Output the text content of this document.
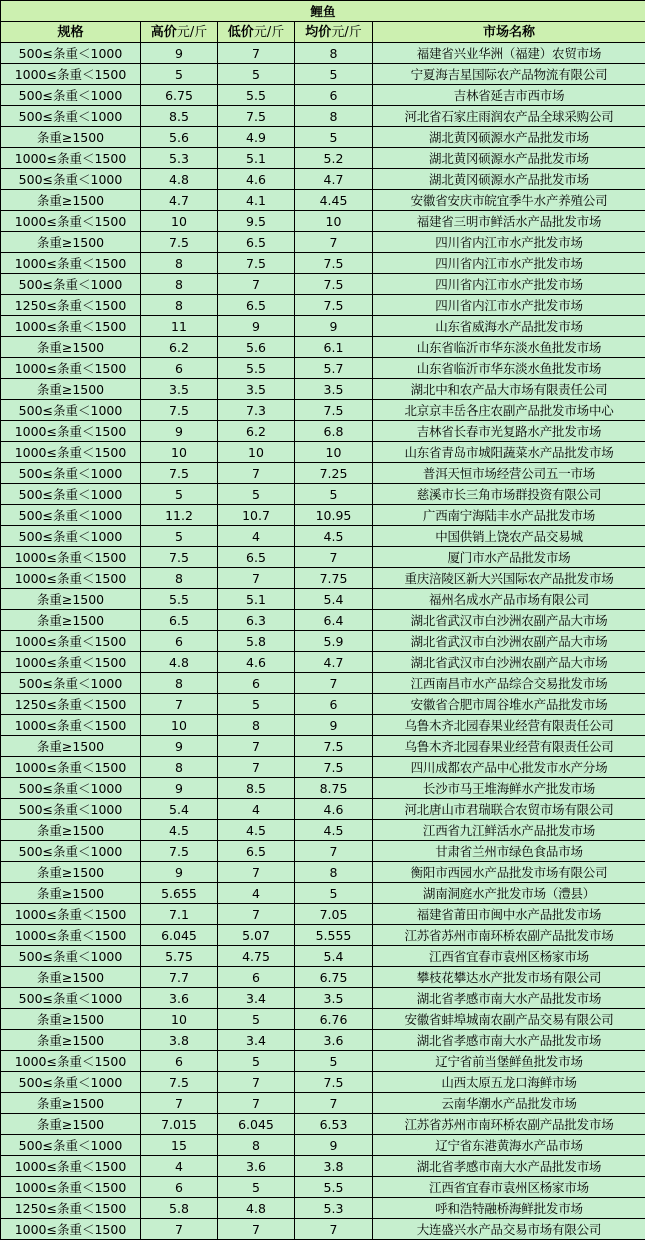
鲤鱼				
规格	高价元/斤	低价元/斤	均价元/斤	市场名称
500≤条重＜1000	9	7	8	福建省兴业华洲（福建）农贸市场
1000≤条重＜1500	5	5	5	宁夏海吉星国际农产品物流有限公司
500≤条重＜1000	6.75	5.5	6	吉林省延吉市西市场
500≤条重＜1000	8.5	7.5	8	河北省石家庄雨润农产品全球采购公司
条重≥1500	5.6	4.9	5	湖北黄冈硕源水产品批发市场
1000≤条重＜1500	5.3	5.1	5.2	湖北黄冈硕源水产品批发市场
500≤条重＜1000	4.8	4.6	4.7	湖北黄冈硕源水产品批发市场
条重≥1500	4.7	4.1	4.45	安徽省安庆市皖宜季牛水产养殖公司
1000≤条重＜1500	10	9.5	10	福建省三明市鲜活水产品批发市场
条重≥1500	7.5	6.5	7	四川省内江市水产批发市场
1000≤条重＜1500	8	7.5	7.5	四川省内江市水产批发市场
500≤条重＜1000	8	7	7.5	四川省内江市水产批发市场
1250≤条重＜1500	8	6.5	7.5	四川省内江市水产批发市场
1000≤条重＜1500	11	9	9	山东省威海水产品批发市场
条重≥1500	6.2	5.6	6.1	山东省临沂市华东淡水鱼批发市场
1000≤条重＜1500	6	5.5	5.7	山东省临沂市华东淡水鱼批发市场
条重≥1500	3.5	3.5	3.5	湖北中和农产品大市场有限责任公司
500≤条重＜1000	7.5	7.3	7.5	北京京丰岳各庄农副产品批发市场中心
1000≤条重＜1500	9	6.2	6.8	吉林省长春市光复路水产批发市场
1000≤条重＜1500	10	10	10	山东省青岛市城阳蔬菜水产品批发市场
500≤条重＜1000	7.5	7	7.25	普洱天恒市场经营公司五一市场
500≤条重＜1000	5	5	5	慈溪市长三角市场群投资有限公司
500≤条重＜1000	11.2	10.7	10.95	广西南宁海陆丰水产品批发市场
500≤条重＜1000	5	4	4.5	中国供销上饶农产品交易城
1000≤条重＜1500	7.5	6.5	7	厦门市水产品批发市场
1000≤条重＜1500	8	7	7.75	重庆涪陵区新大兴国际农产品批发市场
条重≥1500	5.5	5.1	5.4	福州名成水产品市场有限公司
条重≥1500	6.5	6.3	6.4	湖北省武汉市白沙洲农副产品大市场
1000≤条重＜1500	6	5.8	5.9	湖北省武汉市白沙洲农副产品大市场
1000≤条重＜1500	4.8	4.6	4.7	湖北省武汉市白沙洲农副产品大市场
500≤条重＜1000	8	6	7	江西南昌市水产品综合交易批发市场
1250≤条重＜1500	7	5	6	安徽省合肥市周谷堆水产品批发市场
1000≤条重＜1500	10	8	9	乌鲁木齐北园春果业经营有限责任公司
条重≥1500	9	7	7.5	乌鲁木齐北园春果业经营有限责任公司
1000≤条重＜1500	8	7	7.5	四川成都农产品中心批发市水产分场
500≤条重＜1000	9	8.5	8.75	长沙市马王堆海鲜水产批发市场
500≤条重＜1000	5.4	4	4.6	河北唐山市君瑞联合农贸市场有限公司
条重≥1500	4.5	4.5	4.5	江西省九江鲜活水产品批发市场
500≤条重＜1000	7.5	6.5	7	甘肃省兰州市绿色食品市场
条重≥1500	9	7	8	衡阳市西园水产品批发市场有限公司
条重≥1500	5.655	4	5	湖南洞庭水产批发市场（澧县）
1000≤条重＜1500	7.1	7	7.05	福建省莆田市闽中水产品批发市场
1000≤条重＜1500	6.045	5.07	5.555	江苏省苏州市南环桥农副产品批发市场
500≤条重＜1000	5.75	4.75	5.4	江西省宜春市袁州区杨家市场
条重≥1500	7.7	6	6.75	攀枝花攀达水产批发市场有限公司
500≤条重＜1000	3.6	3.4	3.5	湖北省孝感市南大水产品批发市场
条重≥1500	10	5	6.76	安徽省蚌埠城南农副产品交易有限公司
条重≥1500	3.8	3.4	3.6	湖北省孝感市南大水产品批发市场
1000≤条重＜1500	6	5	5	辽宁省前当堡鲜鱼批发市场
500≤条重＜1000	7.5	7	7.5	山西太原五龙口海鲜市场
条重≥1500	7	7	7	云南华潮水产品批发市场
条重≥1500	7.015	6.045	6.53	江苏省苏州市南环桥农副产品批发市场
500≤条重＜1000	15	8	9	辽宁省东港黄海水产品市场
1000≤条重＜1500	4	3.6	3.8	湖北省孝感市南大水产品批发市场
1000≤条重＜1500	6	5	5.5	江西省宜春市袁州区杨家市场
1250≤条重＜1500	5.8	4.8	5.3	呼和浩特融桥海鲜批发市场
1000≤条重＜1500	7	7	7	大连盛兴水产品交易市场有限公司
